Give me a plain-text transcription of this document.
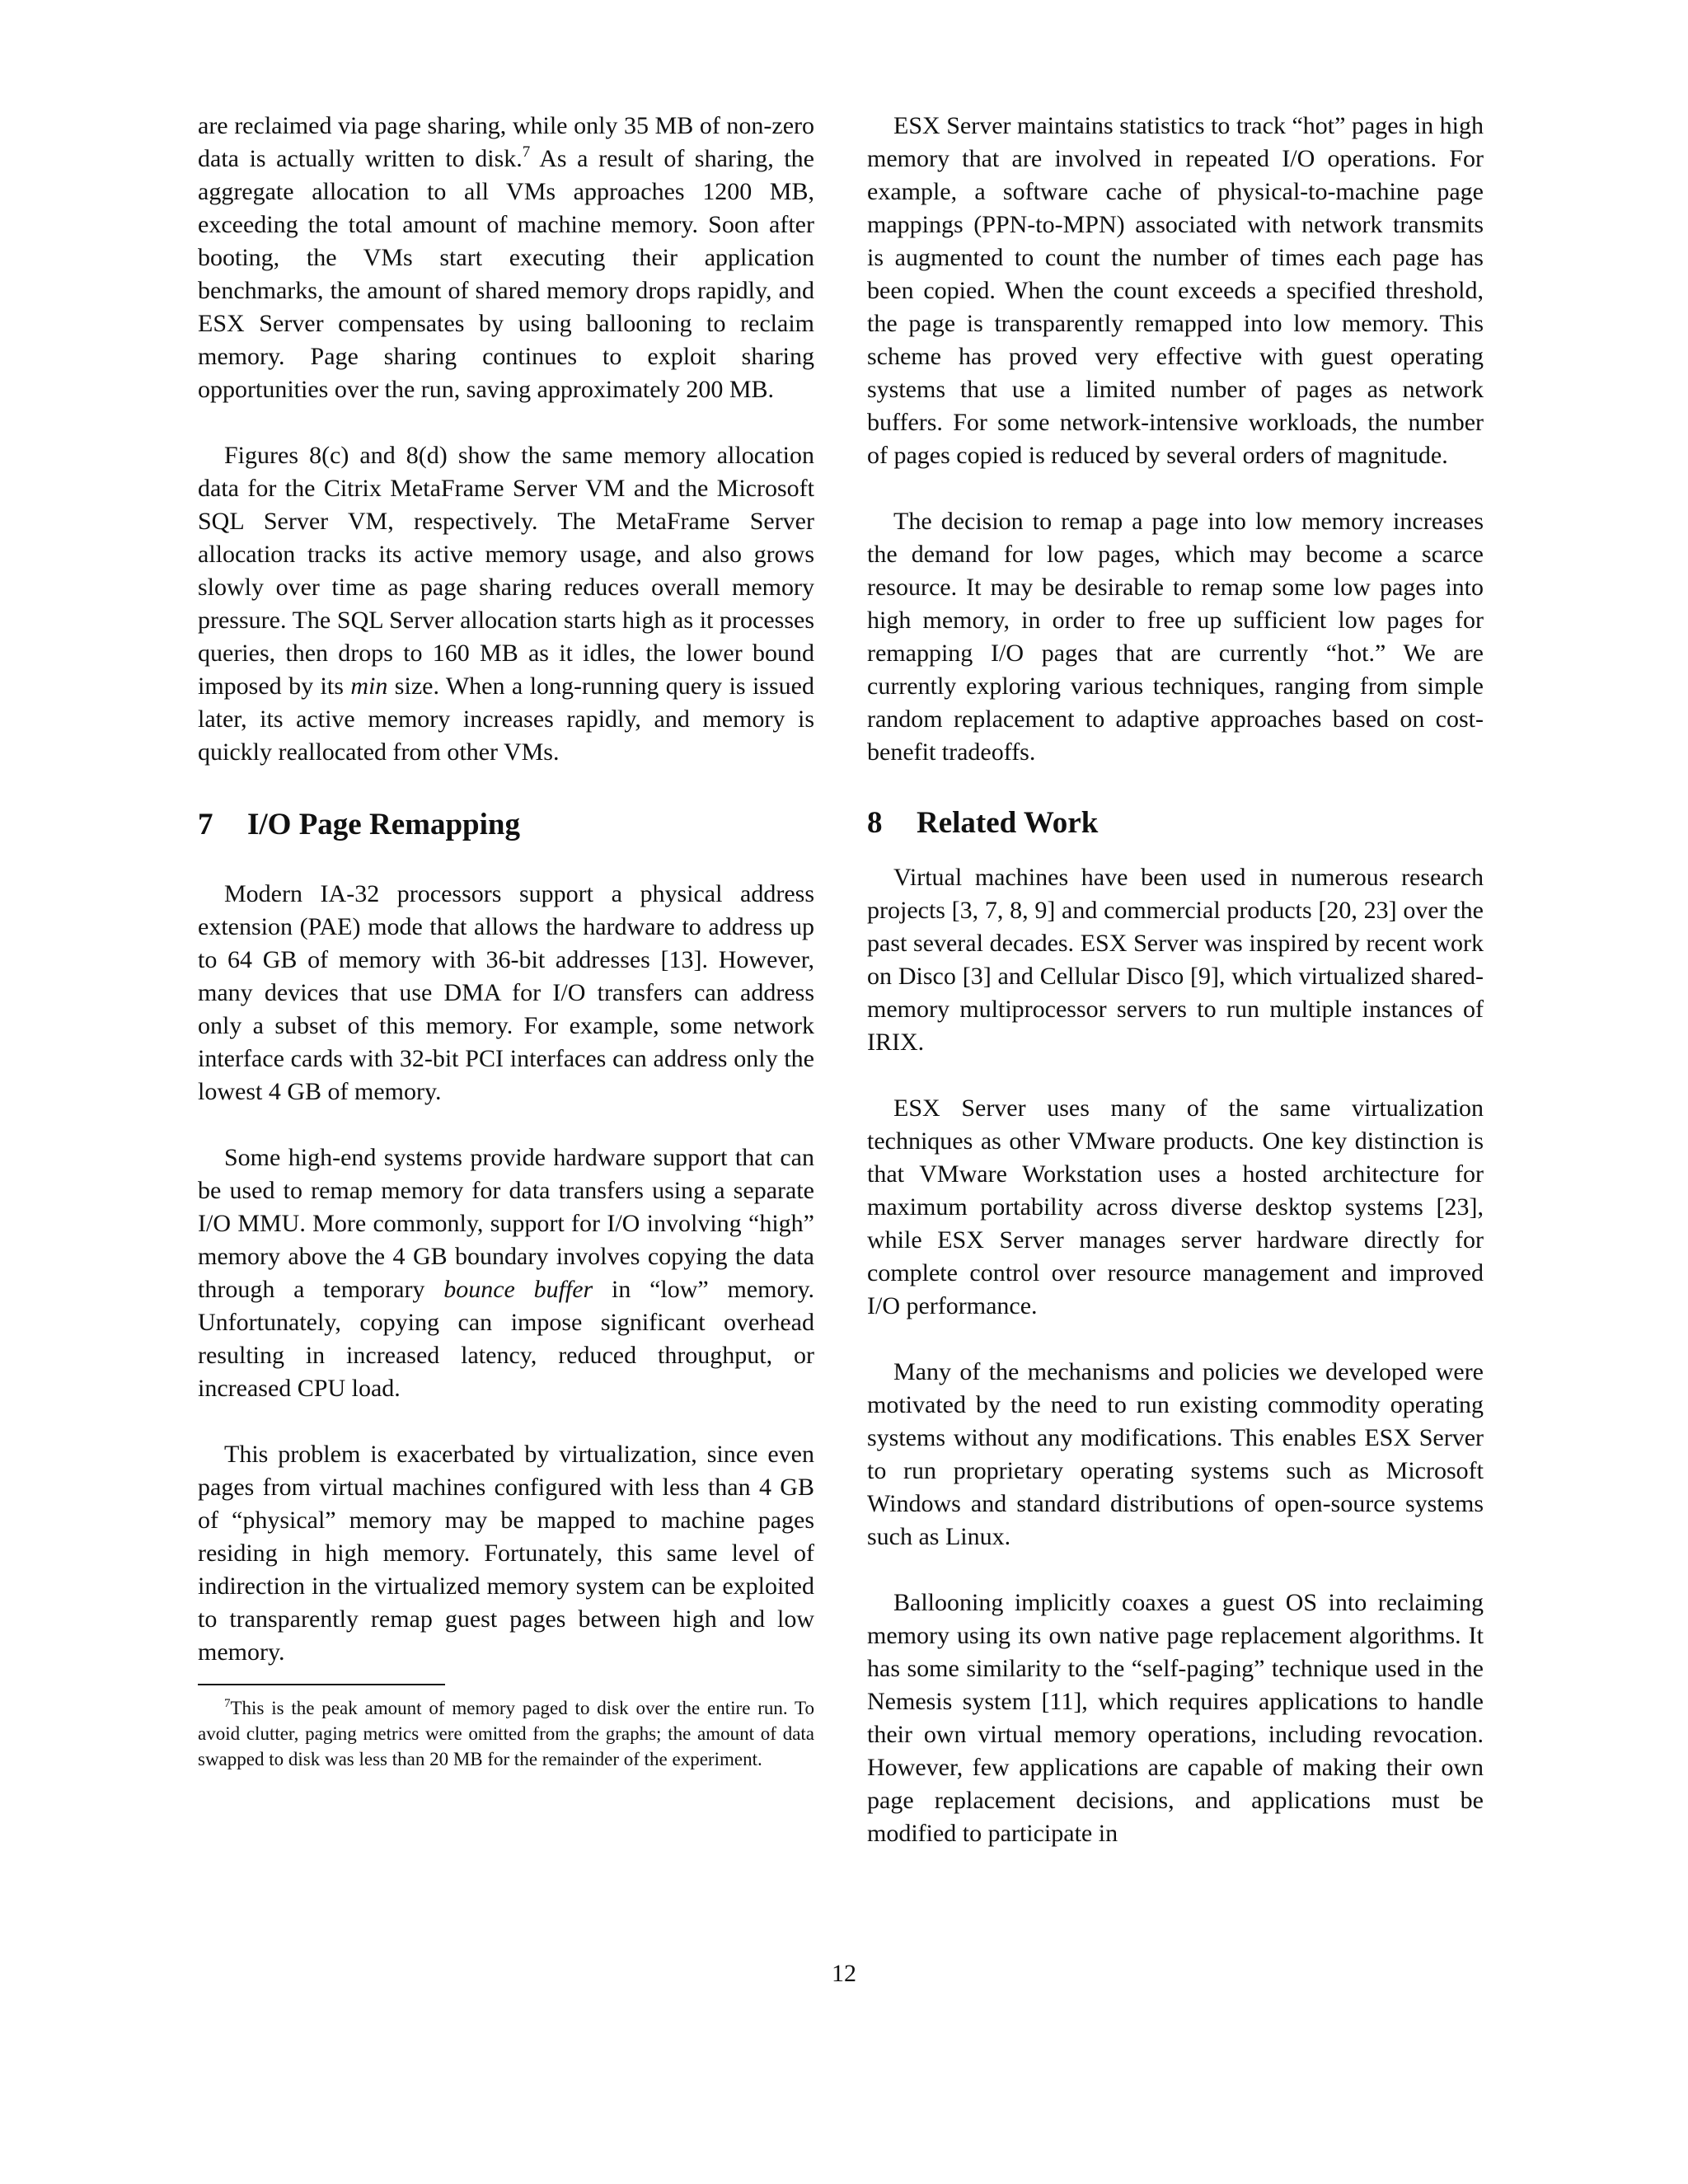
are reclaimed via page sharing, while only 35 MB of non-zero data is actually written to disk.$^7$ As a result of sharing, the aggregate allocation to all VMs approaches 1200 MB, exceeding the total amount of machine memory. Soon after booting, the VMs start executing their application benchmarks, the amount of shared memory drops rapidly, and ESX Server compensates by using ballooning to reclaim memory. Page sharing continues to exploit sharing opportunities over the run, saving approximately 200 MB.

Figures 8(c) and 8(d) show the same memory allocation data for the Citrix MetaFrame Server VM and the Microsoft SQL Server VM, respectively. The MetaFrame Server allocation tracks its active memory usage, and also grows slowly over time as page sharing reduces overall memory pressure. The SQL Server allocation starts high as it processes queries, then drops to 160 MB as it idles, the lower bound imposed by its min size. When a long-running query is issued later, its active memory increases rapidly, and memory is quickly reallocated from other VMs.

7 I/O Page Remapping

Modern IA-32 processors support a physical address extension (PAE) mode that allows the hardware to address up to 64 GB of memory with 36-bit addresses [13]. However, many devices that use DMA for I/O transfers can address only a subset of this memory. For example, some network interface cards with 32-bit PCI interfaces can address only the lowest 4 GB of memory.

Some high-end systems provide hardware support that can be used to remap memory for data transfers using a separate I/O MMU. More commonly, support for I/O involving “high” memory above the 4 GB boundary involves copying the data through a temporary bounce buffer in “low” memory. Unfortunately, copying can impose significant overhead resulting in increased latency, reduced throughput, or increased CPU load.

This problem is exacerbated by virtualization, since even pages from virtual machines configured with less than 4 GB of “physical” memory may be mapped to machine pages residing in high memory. Fortunately, this same level of indirection in the virtualized memory system can be exploited to transparently remap guest pages between high and low memory.

$^7$This is the peak amount of memory paged to disk over the entire run. To avoid clutter, paging metrics were omitted from the graphs; the amount of data swapped to disk was less than 20 MB for the remainder of the experiment.

ESX Server maintains statistics to track “hot” pages in high memory that are involved in repeated I/O operations. For example, a software cache of physical-to-machine page mappings (PPN-to-MPN) associated with network transmits is augmented to count the number of times each page has been copied. When the count exceeds a specified threshold, the page is transparently remapped into low memory. This scheme has proved very effective with guest operating systems that use a limited number of pages as network buffers. For some network-intensive workloads, the number of pages copied is reduced by several orders of magnitude.

The decision to remap a page into low memory increases the demand for low pages, which may become a scarce resource. It may be desirable to remap some low pages into high memory, in order to free up sufficient low pages for remapping I/O pages that are currently “hot.” We are currently exploring various techniques, ranging from simple random replacement to adaptive approaches based on cost-benefit tradeoffs.

8 Related Work

Virtual machines have been used in numerous research projects [3, 7, 8, 9] and commercial products [20, 23] over the past several decades. ESX Server was inspired by recent work on Disco [3] and Cellular Disco [9], which virtualized shared-memory multiprocessor servers to run multiple instances of IRIX.

ESX Server uses many of the same virtualization techniques as other VMware products. One key distinction is that VMware Workstation uses a hosted architecture for maximum portability across diverse desktop systems [23], while ESX Server manages server hardware directly for complete control over resource management and improved I/O performance.

Many of the mechanisms and policies we developed were motivated by the need to run existing commodity operating systems without any modifications. This enables ESX Server to run proprietary operating systems such as Microsoft Windows and standard distributions of open-source systems such as Linux.

Ballooning implicitly coaxes a guest OS into reclaiming memory using its own native page replacement algorithms. It has some similarity to the “self-paging” technique used in the Nemesis system [11], which requires applications to handle their own virtual memory operations, including revocation. However, few applications are capable of making their own page replacement decisions, and applications must be modified to participate in

12
